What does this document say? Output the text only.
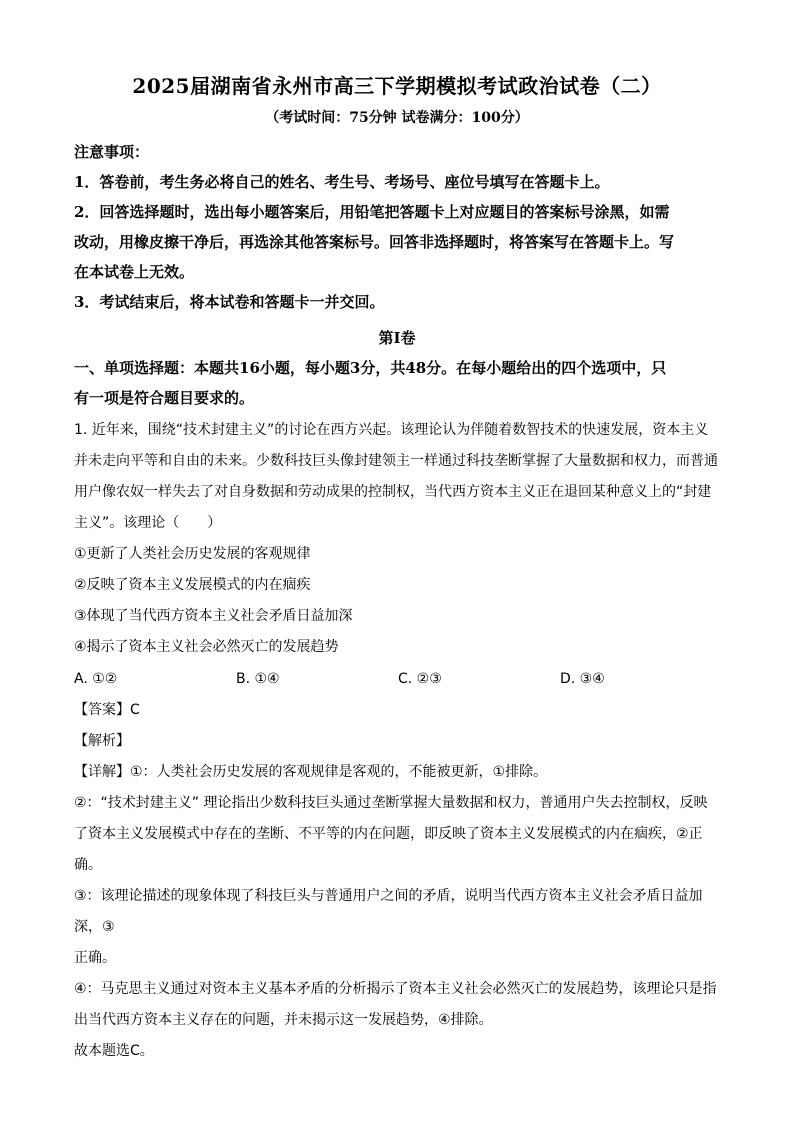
2025届湖南省永州市高三下学期模拟考试政治试卷（二）
（考试时间：75分钟 试卷满分：100分）
注意事项：
1．答卷前，考生务必将自己的姓名、考生号、考场号、座位号填写在答题卡上。
2．回答选择题时，选出每小题答案后，用铅笔把答题卡上对应题目的答案标号涂黑，如需
改动，用橡皮擦干净后，再选涂其他答案标号。回答非选择题时，将答案写在答题卡上。写
在本试卷上无效。
3．考试结束后，将本试卷和答题卡一并交回。
第Ⅰ卷
一、单项选择题：本题共16小题，每小题3分，共48分。在每小题给出的四个选项中，只
有一项是符合题目要求的。
1. 近年来，围绕“技术封建主义”的讨论在西方兴起。该理论认为伴随着数智技术的快速发展，资本主义
并未走向平等和自由的未来。少数科技巨头像封建领主一样通过科技垄断掌握了大量数据和权力，而普通
用户像农奴一样失去了对自身数据和劳动成果的控制权，当代西方资本主义正在退回某种意义上的“封建
主义”。该理论（　　）
①更新了人类社会历史发展的客观规律
②反映了资本主义发展模式的内在痼疾
③体现了当代西方资本主义社会矛盾日益加深
④揭示了资本主义社会必然灭亡的发展趋势
A. ①②	B. ①④	C. ②③	D. ③④
【答案】C
【解析】
【详解】①：人类社会历史发展的客观规律是客观的，不能被更新，①排除。
②：“技术封建主义” 理论指出少数科技巨头通过垄断掌握大量数据和权力，普通用户失去控制权，反映
了资本主义发展模式中存在的垄断、不平等的内在问题，即反映了资本主义发展模式的内在痼疾，②正确。
③：该理论描述的现象体现了科技巨头与普通用户之间的矛盾，说明当代西方资本主义社会矛盾日益加深，③
正确。
④：马克思主义通过对资本主义基本矛盾的分析揭示了资本主义社会必然灭亡的发展趋势，该理论只是指
出当代西方资本主义存在的问题，并未揭示这一发展趋势，④排除。
故本题选C。
